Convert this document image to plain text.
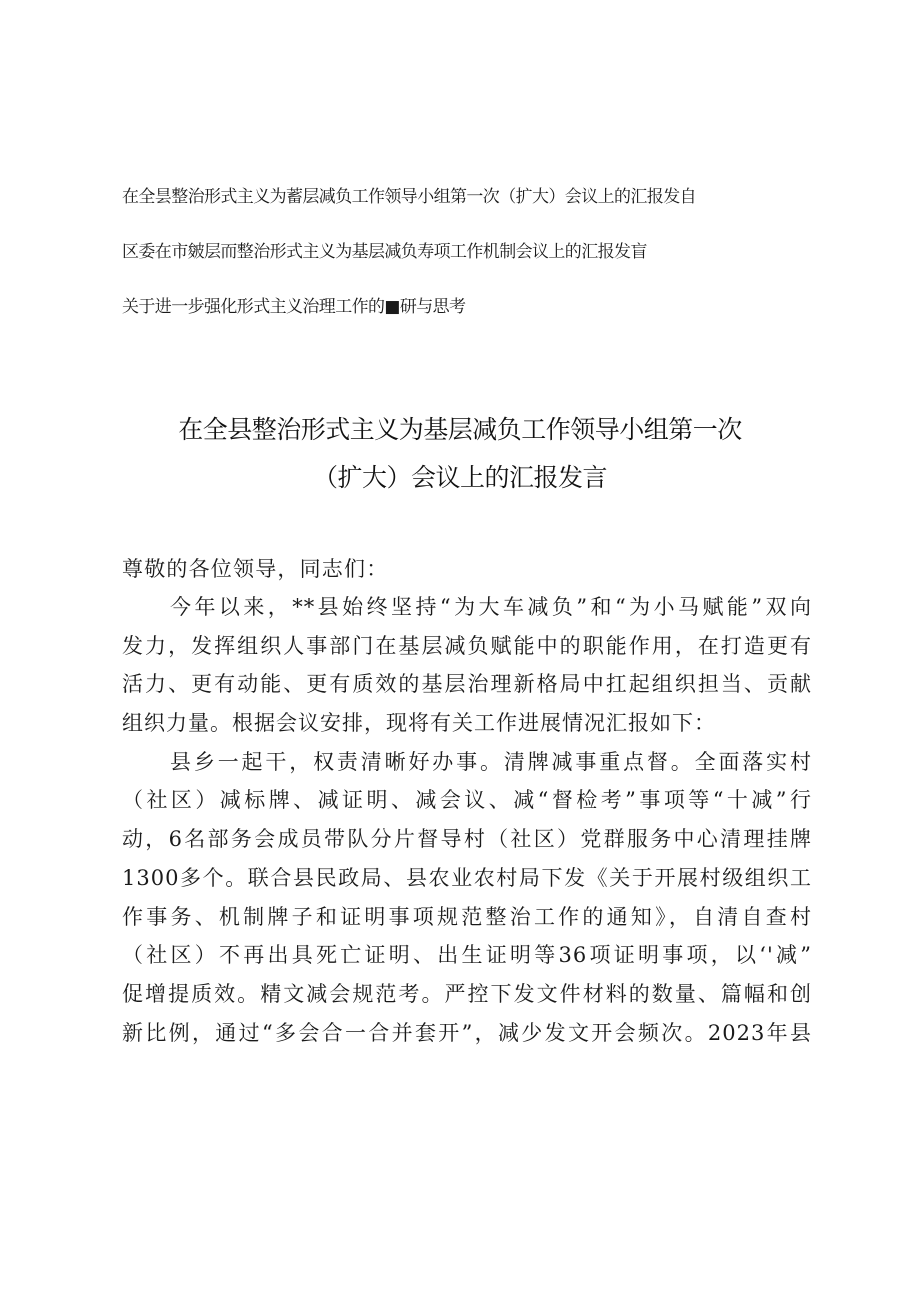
在全昙整治形式主义为蓄层减负工作领导小组第一次（扩大）会议上的汇报发自
区委在市皴层而整治形式主义为基层减负寿项工作机制会议上的汇报发盲
关于进一步强化形式主义治理工作的■研与思考
在全县整治形式主义为基层减负工作领导小组第一次
（扩大）会议上的汇报发言
尊敬的各位领导，同志们：
今年以来，**县始终坚持“为大车减负”和“为小马赋能”双向
发力，发挥组织人事部门在基层减负赋能中的职能作用，在打造更有
活力、更有动能、更有质效的基层治理新格局中扛起组织担当、贡献
组织力量。根据会议安排，现将有关工作进展情况汇报如下：
县乡一起干，权责清晰好办事。清牌减事重点督。全面落实村
（社区）减标牌、减证明、减会议、减“督检考”事项等“十减”行
动，6名部务会成员带队分片督导村（社区）党群服务中心清理挂牌
1300多个。联合县民政局、县农业农村局下发《关于开展村级组织工
作事务、机制牌子和证明事项规范整治工作的通知》，自清自查村
（社区）不再出具死亡证明、出生证明等36项证明事项，以‘'减”
促增提质效。精文减会规范考。严控下发文件材料的数量、篇幅和创
新比例，通过“多会合一合并套开”，减少发文开会频次。2023年县
